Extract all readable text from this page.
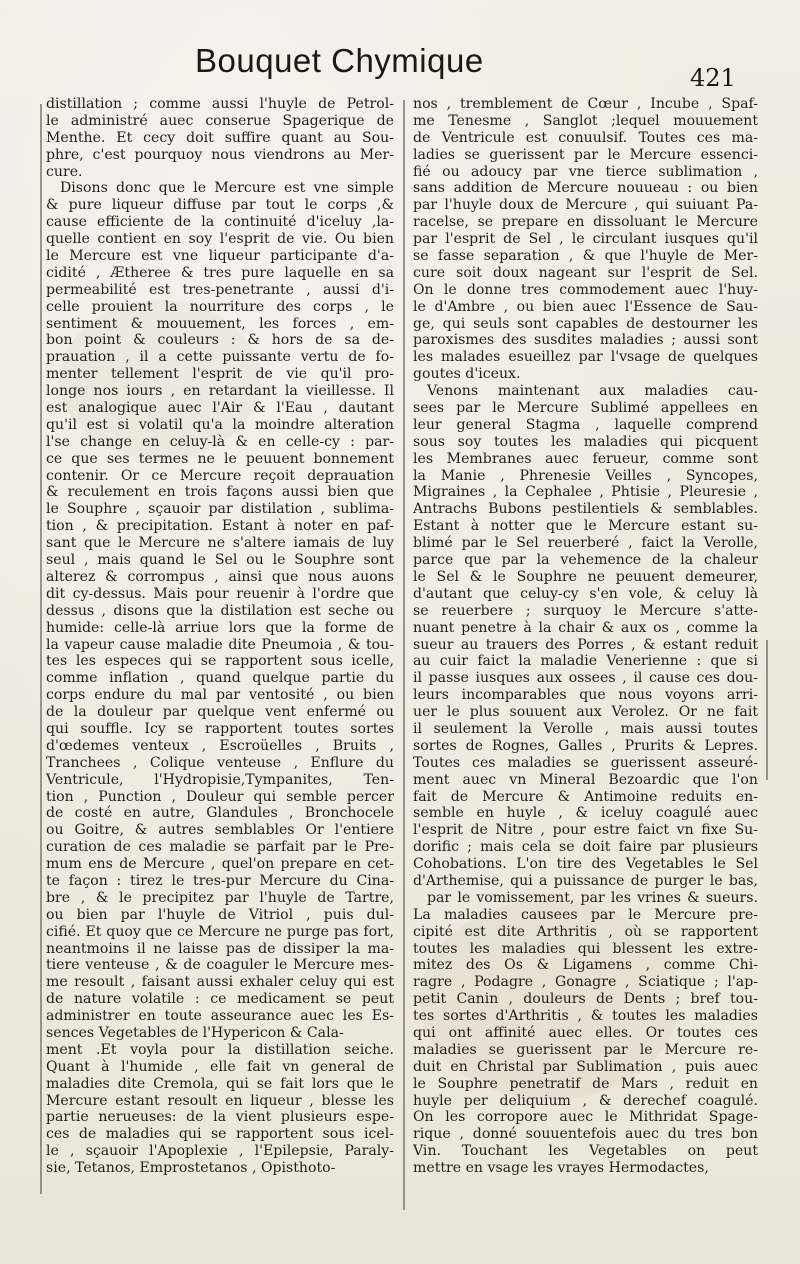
Bouquet Chymique	421
distillation ; comme aussi l'huyle de Petrol-
le administré auec conserue Spagerique de
Menthe. Et cecy doit suffire quant au Sou-
phre, c'est pourquoy nous viendrons au Mer-
cure.
Disons donc que le Mercure est vne simple
& pure liqueur diffuse par tout le corps ,&
cause efficiente de la continuité d'iceluy ,la-
quelle contient en soy l'esprit de vie. Ou bien
le Mercure est vne liqueur participante d'a-
cidité , Ætheree & tres pure laquelle en sa
permeabilité est tres-penetrante , aussi d'i-
celle prouient la nourriture des corps , le
sentiment & mouuement, les forces , em-
bon point & couleurs : & hors de sa de-
prauation , il a cette puissante vertu de fo-
menter tellement l'esprit de vie qu'il pro-
longe nos iours , en retardant la vieillesse. Il
est analogique auec l'Air & l'Eau , dautant
qu'il est si volatil qu'a la moindre alteration
l'se change en celuy-là & en celle-cy : par-
ce que ses termes ne le peuuent bonnement
contenir. Or ce Mercure reçoit deprauation
& reculement en trois façons aussi bien que
le Souphre , sçauoir par distilation , sublima-
tion , & precipitation. Estant à noter en paf-
sant que le Mercure ne s'altere iamais de luy
seul , mais quand le Sel ou le Souphre sont
alterez & corrompus , ainsi que nous auons
dit cy-dessus. Mais pour reuenir à l'ordre que
dessus , disons que la distilation est seche ou
humide: celle-là arriue lors que la forme de
la vapeur cause maladie dite Pneumoia , & tou-
tes les especes qui se rapportent sous icelle,
comme inflation , quand quelque partie du
corps endure du mal par ventosité , ou bien
de la douleur par quelque vent enfermé ou
qui souffle. Icy se rapportent toutes sortes
d'œdemes venteux , Escroüelles , Bruits ,
Tranchees , Colique venteuse , Enflure du
Ventricule, l'Hydropisie,Tympanites, Ten-
tion , Punction , Douleur qui semble percer
de costé en autre, Glandules , Bronchocele
ou Goitre, & autres semblables Or l'entiere
curation de ces maladie se parfait par le Pre-
mum ens de Mercure , quel'on prepare en cet-
te façon : tirez le tres-pur Mercure du Cina-
bre , & le precipitez par l'huyle de Tartre,
ou bien par l'huyle de Vitriol , puis dul-
cifié. Et quoy que ce Mercure ne purge pas fort,
neantmoins il ne laisse pas de dissiper la ma-
tiere venteuse , & de coaguler le Mercure mes-
me resoult , faisant aussi exhaler celuy qui est
de nature volatile : ce medicament se peut
administrer en toute asseurance auec les Es-
sences Vegetables de l'Hypericon & Cala-
ment .Et voyla pour la distillation seiche.
Quant à l'humide , elle fait vn general de
maladies dite Cremola, qui se fait lors que le
Mercure estant resoult en liqueur , blesse les
partie nerueuses: de la vient plusieurs espe-
ces de maladies qui se rapportent sous icel-
le , sçauoir l'Apoplexie , l'Epilepsie, Paraly-
sie, Tetanos, Emprostetanos , Opisthoto-
nos , tremblement de Cœur , Incube , Spaf-
me Tenesme , Sanglot ;lequel mouuement
de Ventricule est conuulsif. Toutes ces ma-
ladies se guerissent par le Mercure essenci-
fié ou adoucy par vne tierce sublimation ,
sans addition de Mercure nouueau : ou bien
par l'huyle doux de Mercure , qui suiuant Pa-
racelse, se prepare en dissoluant le Mercure
par l'esprit de Sel , le circulant iusques qu'il
se fasse separation , & que l'huyle de Mer-
cure soit doux nageant sur l'esprit de Sel.
On le donne tres commodement auec l'huy-
le d'Ambre , ou bien auec l'Essence de Sau-
ge, qui seuls sont capables de destourner les
paroxismes des susdites maladies ; aussi sont
les malades esueillez par l'vsage de quelques
goutes d'iceux.
Venons maintenant aux maladies cau-
sees par le Mercure Sublimé appellees en
leur general Stagma , laquelle comprend
sous soy toutes les maladies qui picquent
les Membranes auec ferueur, comme sont
la Manie , Phrenesie Veilles , Syncopes,
Migraines , la Cephalee , Phtisie , Pleuresie ,
Antrachs Bubons pestilentiels & semblables.
Estant à notter que le Mercure estant su-
blimé par le Sel reuerberé , faict la Verolle,
parce que par la vehemence de la chaleur
le Sel & le Souphre ne peuuent demeurer,
d'autant que celuy-cy s'en vole, & celuy là
se reuerbere ; surquoy le Mercure s'atte-
nuant penetre à la chair & aux os , comme la
sueur au trauers des Porres , & estant reduit
au cuir faict la maladie Venerienne : que si
il passe iusques aux ossees , il cause ces dou-
leurs incomparables que nous voyons arri-
uer le plus souuent aux Verolez. Or ne fait
il seulement la Verolle , mais aussi toutes
sortes de Rognes, Galles , Prurits & Lepres.
Toutes ces maladies se guerissent asseuré-
ment auec vn Mineral Bezoardic que l'on
fait de Mercure & Antimoine reduits en-
semble en huyle , & iceluy coagulé auec
l'esprit de Nitre , pour estre faict vn fixe Su-
dorific ; mais cela se doit faire par plusieurs
Cohobations. L'on tire des Vegetables le Sel
d'Arthemise, qui a puissance de purger le bas,
par le vomissement, par les vrines & sueurs.
La maladies causees par le Mercure pre-
cipité est dite Arthritis , où se rapportent
toutes les maladies qui blessent les extre-
mitez des Os & Ligamens , comme Chi-
ragre , Podagre , Gonagre , Sciatique ; l'ap-
petit Canin , douleurs de Dents ; bref tou-
tes sortes d'Arthritis , & toutes les maladies
qui ont affinité auec elles. Or toutes ces
maladies se guerissent par le Mercure re-
duit en Christal par Sublimation , puis auec
le Souphre penetratif de Mars , reduit en
huyle per deliquium , & derechef coagulé.
On les corropore auec le Mithridat Spage-
rique , donné souuentefois auec du tres bon
Vin. Touchant les Vegetables on peut
mettre en vsage les vrayes Hermodactes,
